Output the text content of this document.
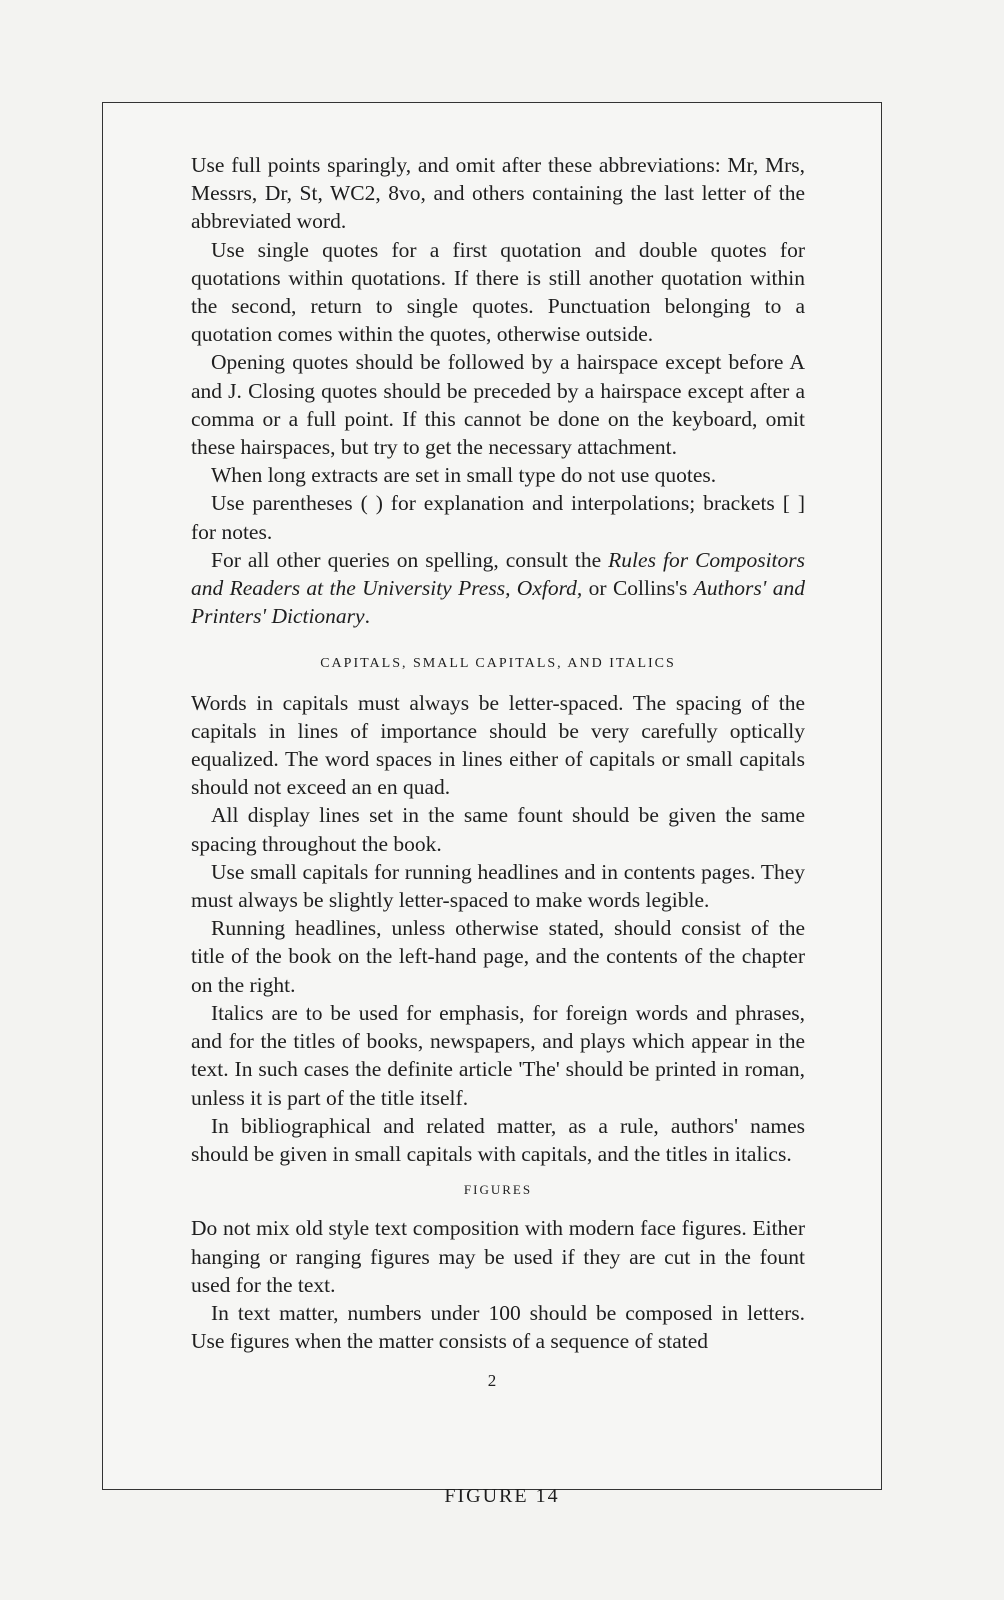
Use full points sparingly, and omit after these abbreviations: Mr, Mrs, Messrs, Dr, St, WC2, 8vo, and others containing the last letter of the abbreviated word.

Use single quotes for a first quotation and double quotes for quotations within quotations. If there is still another quotation within the second, return to single quotes. Punctuation belonging to a quotation comes within the quotes, otherwise outside.

Opening quotes should be followed by a hairspace except before A and J. Closing quotes should be preceded by a hairspace except after a comma or a full point. If this cannot be done on the keyboard, omit these hairspaces, but try to get the necessary attachment.

When long extracts are set in small type do not use quotes.

Use parentheses ( ) for explanation and interpolations; brackets [ ] for notes.

For all other queries on spelling, consult the Rules for Compositors and Readers at the University Press, Oxford, or Collins's Authors' and Printers' Dictionary.

CAPITALS, SMALL CAPITALS, AND ITALICS

Words in capitals must always be letter-spaced. The spacing of the capitals in lines of importance should be very carefully optically equalized. The word spaces in lines either of capitals or small capitals should not exceed an en quad.

All display lines set in the same fount should be given the same spacing throughout the book.

Use small capitals for running headlines and in contents pages. They must always be slightly letter-spaced to make words legible.

Running headlines, unless otherwise stated, should consist of the title of the book on the left-hand page, and the contents of the chapter on the right.

Italics are to be used for emphasis, for foreign words and phrases, and for the titles of books, newspapers, and plays which appear in the text. In such cases the definite article 'The' should be printed in roman, unless it is part of the title itself.

In bibliographical and related matter, as a rule, authors' names should be given in small capitals with capitals, and the titles in italics.

FIGURES

Do not mix old style text composition with modern face figures. Either hanging or ranging figures may be used if they are cut in the fount used for the text.

In text matter, numbers under 100 should be composed in letters. Use figures when the matter consists of a sequence of stated

2
FIGURE 14
